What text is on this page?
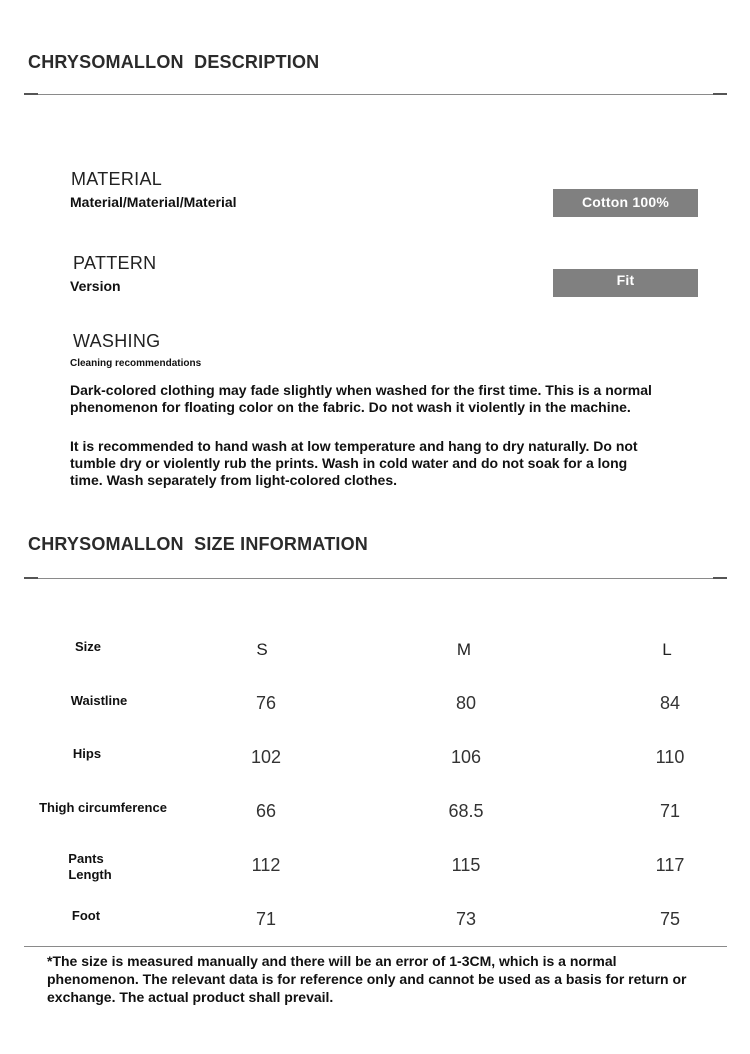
CHRYSOMALLON  DESCRIPTION
MATERIAL
Material/Material/Material	Cotton 100%
PATTERN
Version	Fit
WASHING
Cleaning recommendations
Dark-colored clothing may fade slightly when washed for the first time. This is a normal phenomenon for floating color on the fabric. Do not wash it violently in the machine.
It is recommended to hand wash at low temperature and hang to dry naturally. Do not tumble dry or violently rub the prints. Wash in cold water and do not soak for a long time. Wash separately from light-colored clothes.
CHRYSOMALLON  SIZE INFORMATION
Size	S	M	L
Waistline	76	80	84
Hips	102	106	110
Thigh circumference	66	68.5	71
Pants
Length	112	115	117
Foot	71	73	75
*The size is measured manually and there will be an error of 1-3CM, which is a normal phenomenon. The relevant data is for reference only and cannot be used as a basis for return or exchange. The actual product shall prevail.
